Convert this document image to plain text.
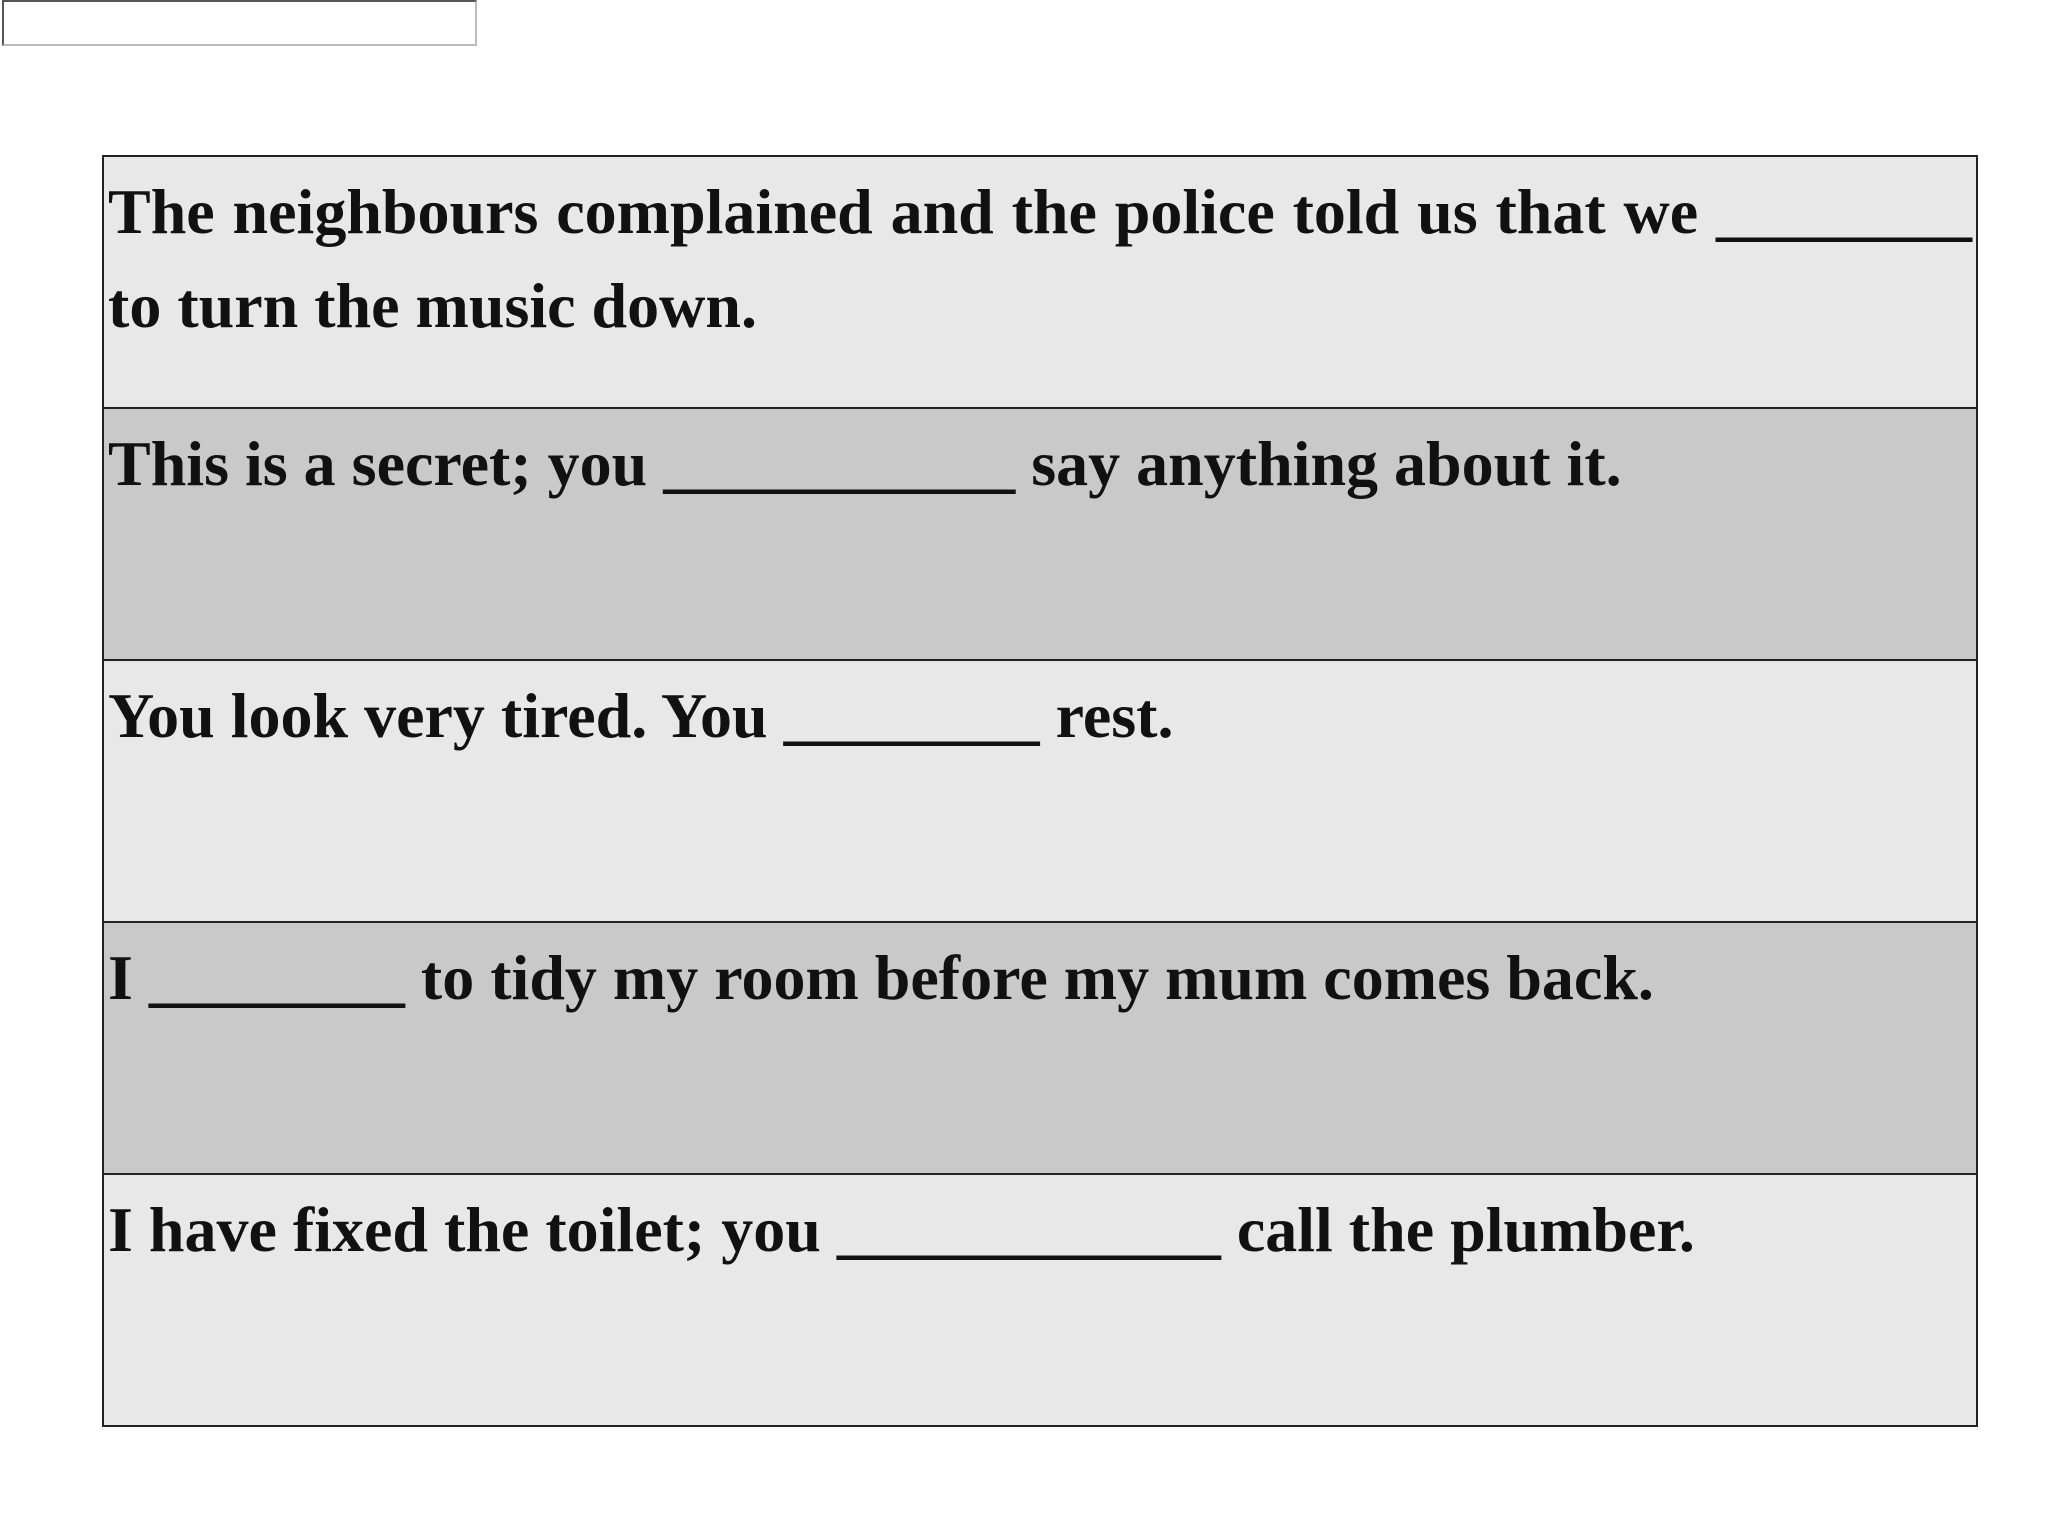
The neighbours complained and the police told us that we ________ to turn the music down.
This is a secret; you ___________ say anything about it.
You look very tired. You ________ rest.
I ________ to tidy my room before my mum comes back.
I have fixed the toilet; you ____________ call the plumber.
